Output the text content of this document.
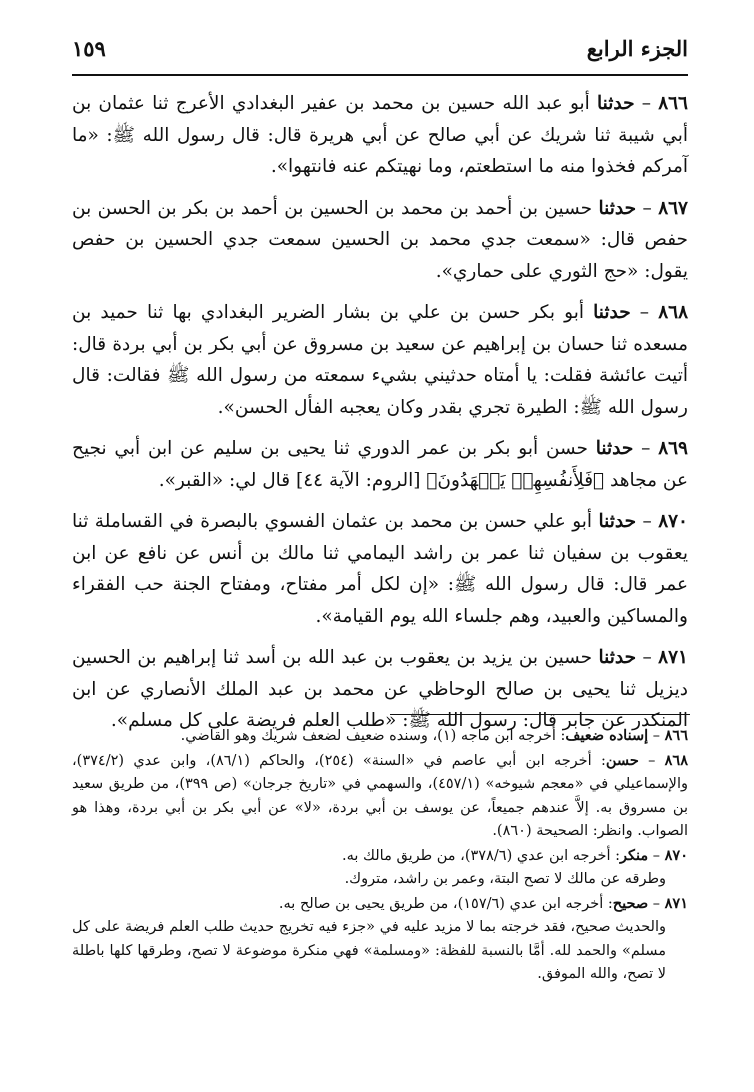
الجزء الرابع
١٥٩

٨٦٦ – حدثنا أبو عبد الله حسين بن محمد بن عفير البغدادي الأعرج ثنا عثمان بن أبي شيبة ثنا شريك عن أبي صالح عن أبي هريرة قال: قال رسول الله ﷺ: «ما آمركم فخذوا منه ما استطعتم، وما نهيتكم عنه فانتهوا».

٨٦٧ – حدثنا حسين بن أحمد بن محمد بن الحسين بن أحمد بن بكر بن الحسن بن حفص قال: «سمعت جدي محمد بن الحسين سمعت جدي الحسين بن حفص يقول: «حج الثوري على حماري».

٨٦٨ – حدثنا أبو بكر حسن بن علي بن بشار الضرير البغدادي بها ثنا حميد بن مسعده ثنا حسان بن إبراهيم عن سعيد بن مسروق عن أبي بكر بن أبي بردة قال: أتيت عائشة فقلت: يا أمتاه حدثيني بشيء سمعته من رسول الله ﷺ فقالت: قال رسول الله ﷺ: الطيرة تجري بقدر وكان يعجبه الفأل الحسن».

٨٦٩ – حدثنا حسن أبو بكر بن عمر الدوري ثنا يحيى بن سليم عن ابن أبي نجيح عن مجاهد ﴿فَلِأَنفُسِهِمۡ يَمۡهَدُونَ﴾ [الروم: الآية ٤٤] قال لي: «القبر».

٨٧٠ – حدثنا أبو علي حسن بن محمد بن عثمان الفسوي بالبصرة في القساملة ثنا يعقوب بن سفيان ثنا عمر بن راشد اليمامي ثنا مالك بن أنس عن نافع عن ابن عمر قال: قال رسول الله ﷺ: «إن لكل أمر مفتاح، ومفتاح الجنة حب الفقراء والمساكين والعبيد، وهم جلساء الله يوم القيامة».

٨٧١ – حدثنا حسين بن يزيد بن يعقوب بن عبد الله بن أسد ثنا إبراهيم بن الحسين ديزيل ثنا يحيى بن صالح الوحاظي عن محمد بن عبد الملك الأنصاري عن ابن المنكدر عن جابر قال: رسول الله ﷺ: «طلب العلم فريضة على كل مسلم».

٨٦٦ – إسناده ضعيف: أخرجه ابن ماجه (١)، وسنده ضعيف لضعف شريك وهو القاضي.

٨٦٨ – حسن: أخرجه ابن أبي عاصم في «السنة» (٢٥٤)، والحاكم (٨٦/١)، وابن عدي (٣٧٤/٢)، والإسماعيلي في «معجم شيوخه» (٤٥٧/١)، والسهمي في «تاريخ جرجان» (ص ٣٩٩)، من طريق سعيد بن مسروق به. إلاَّ عندهم جميعاً، عن يوسف بن أبي بردة، «لا» عن أبي بكر بن أبي بردة، وهذا هو الصواب. وانظر: الصحيحة (٨٦٠).

٨٧٠ – منكر: أخرجه ابن عدي (٣٧٨/٦)، من طريق مالك به.

وطرقه عن مالك لا تصح البتة، وعمر بن راشد، متروك.

٨٧١ – صحيح: أخرجه ابن عدي (١٥٧/٦)، من طريق يحيى بن صالح به.

والحديث صحيح، فقد خرجته بما لا مزيد عليه في «جزء فيه تخريج حديث طلب العلم فريضة على كل مسلم» والحمد لله. أمَّا بالنسبة للفظة: «ومسلمة» فهي منكرة موضوعة لا تصح، وطرقها كلها باطلة لا تصح، والله الموفق.
